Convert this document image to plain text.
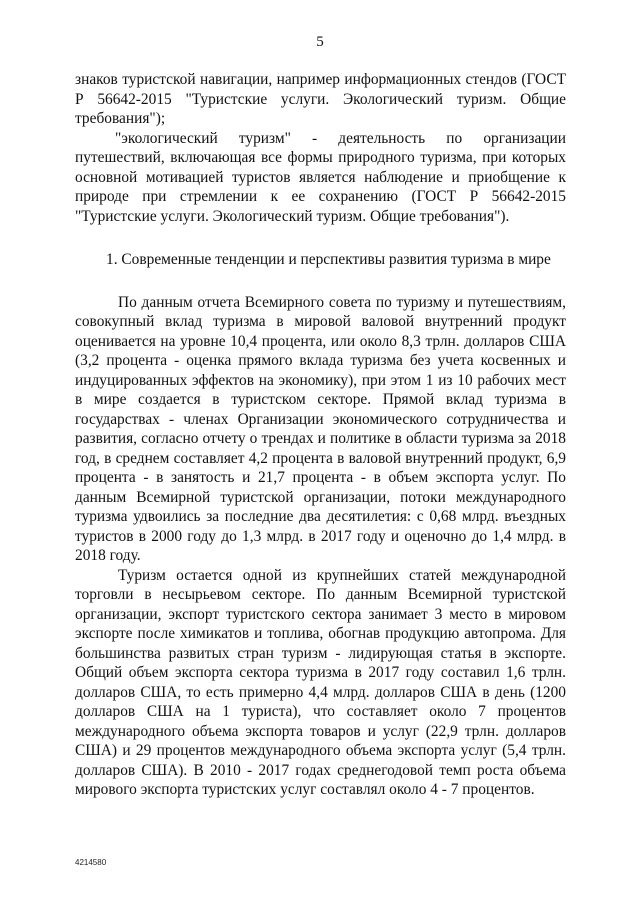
5

знаков туристской навигации, например информационных стендов (ГОСТ Р 56642-2015 "Туристские услуги. Экологический туризм. Общие требования");

"экологический туризм" - деятельность по организации путешествий, включающая все формы природного туризма, при которых основной мотивацией туристов является наблюдение и приобщение к природе при стремлении к ее сохранению (ГОСТ Р 56642-2015 "Туристские услуги. Экологический туризм. Общие требования").

1. Современные тенденции и перспективы развития туризма в мире

По данным отчета Всемирного совета по туризму и путешествиям, совокупный вклад туризма в мировой валовой внутренний продукт оценивается на уровне 10,4 процента, или около 8,3 трлн. долларов США (3,2 процента - оценка прямого вклада туризма без учета косвенных и индуцированных эффектов на экономику), при этом 1 из 10 рабочих мест в мире создается в туристском секторе. Прямой вклад туризма в государствах - членах Организации экономического сотрудничества и развития, согласно отчету о трендах и политике в области туризма за 2018 год, в среднем составляет 4,2 процента в валовой внутренний продукт, 6,9 процента - в занятость и 21,7 процента - в объем экспорта услуг. По данным Всемирной туристской организации, потоки международного туризма удвоились за последние два десятилетия: с 0,68 млрд. въездных туристов в 2000 году до 1,3 млрд. в 2017 году и оценочно до 1,4 млрд. в 2018 году.

Туризм остается одной из крупнейших статей международной торговли в несырьевом секторе. По данным Всемирной туристской организации, экспорт туристского сектора занимает 3 место в мировом экспорте после химикатов и топлива, обогнав продукцию автопрома. Для большинства развитых стран туризм - лидирующая статья в экспорте. Общий объем экспорта сектора туризма в 2017 году составил 1,6 трлн. долларов США, то есть примерно 4,4 млрд. долларов США в день (1200 долларов США на 1 туриста), что составляет около 7 процентов международного объема экспорта товаров и услуг (22,9 трлн. долларов США) и 29 процентов международного объема экспорта услуг (5,4 трлн. долларов США). В 2010 - 2017 годах среднегодовой темп роста объема мирового экспорта туристских услуг составлял около 4 - 7 процентов.

4214580
